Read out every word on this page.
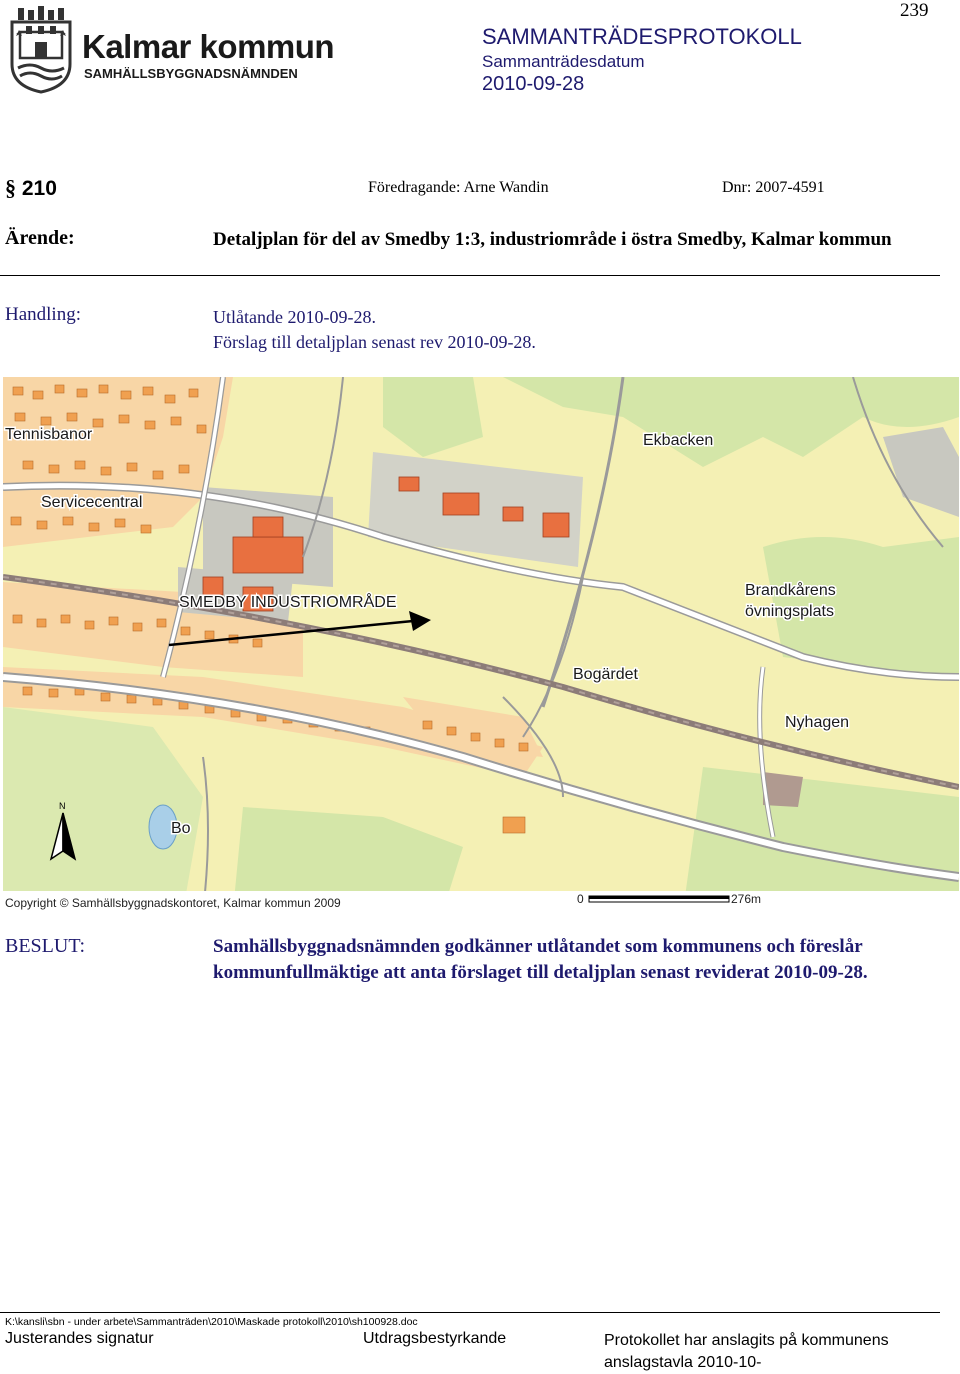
239
Kalmar kommun
SAMHÄLLSBYGGNADSNÄMNDEN
SAMMANTRÄDESPROTOKOLL
Sammanträdesdatum
2010-09-28
§ 210	Föredragande: Arne Wandin	Dnr: 2007-4591
Ärende:	Detaljplan för del av Smedby 1:3, industriområde i östra Smedby, Kalmar kommun
Handling:	Utlåtande 2010-09-28.
Förslag till detaljplan senast rev 2010-09-28.
Tennisbanor
Servicecentral
Ekbacken
SMEDBY INDUSTRIOMRÅDE
Brandkårens
övningsplats
Bogärdet
Nyhagen
Bo
N
Copyright © Samhällsbyggnadskontoret, Kalmar kommun 2009	0	276m
BESLUT:	Samhällsbyggnadsnämnden godkänner utlåtandet som kommunens och föreslår kommunfullmäktige att anta förslaget till detaljplan senast reviderat 2010-09-28.
K:\kansli\sbn - under arbete\Sammanträden\2010\Maskade protokoll\2010\sh100928.doc
Justerandes signatur	Utdragsbestyrkande	Protokollet har anslagits på kommunens
anslagstavla 2010-10-
